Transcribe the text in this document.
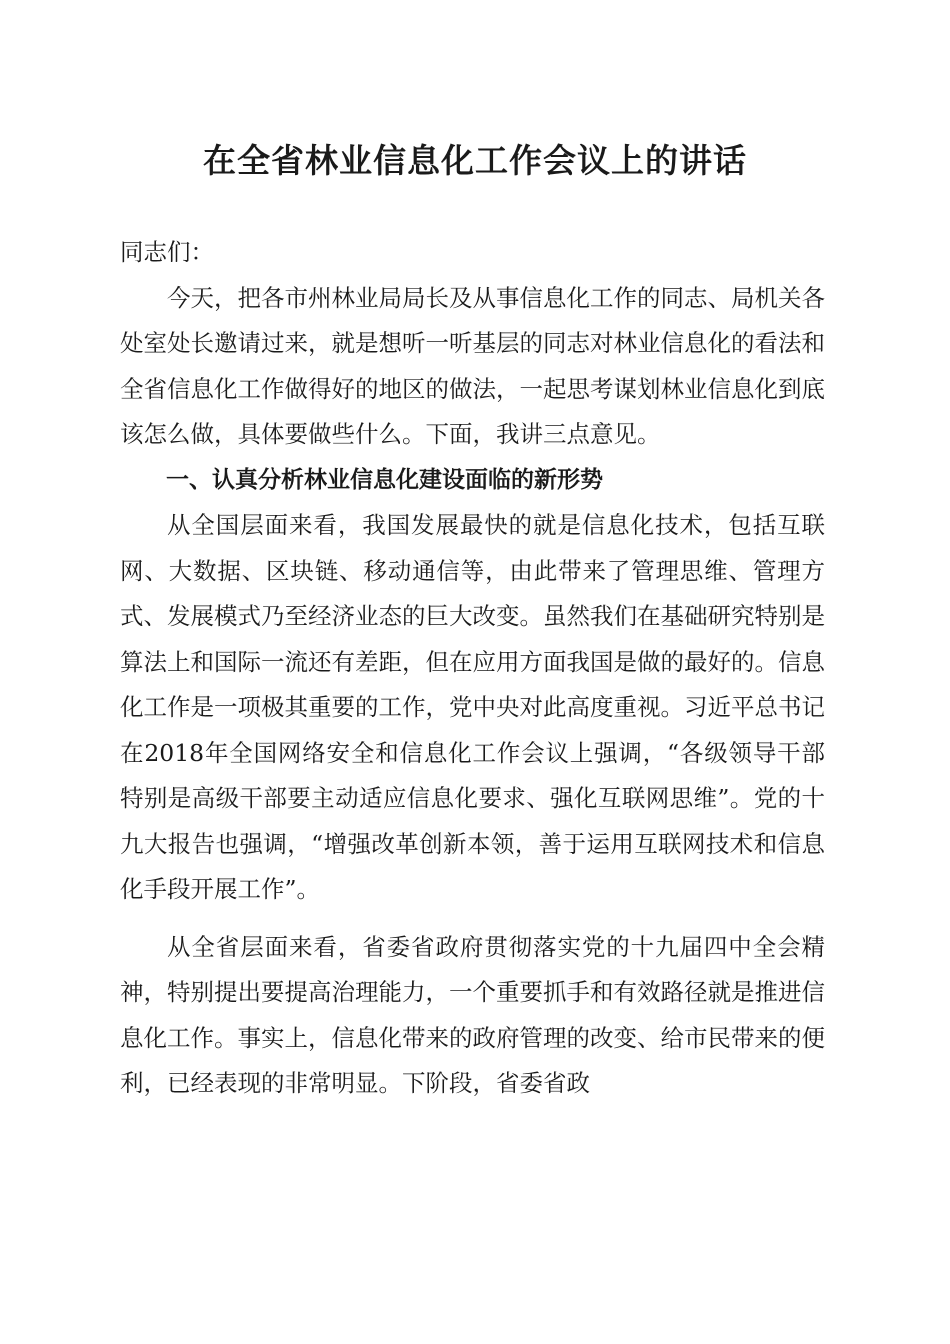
在全省林业信息化工作会议上的讲话

同志们：

今天，把各市州林业局局长及从事信息化工作的同志、局机关各处室处长邀请过来，就是想听一听基层的同志对林业信息化的看法和全省信息化工作做得好的地区的做法，一起思考谋划林业信息化到底该怎么做，具体要做些什么。下面，我讲三点意见。

一、认真分析林业信息化建设面临的新形势

从全国层面来看，我国发展最快的就是信息化技术，包括互联网、大数据、区块链、移动通信等，由此带来了管理思维、管理方式、发展模式乃至经济业态的巨大改变。虽然我们在基础研究特别是算法上和国际一流还有差距，但在应用方面我国是做的最好的。信息化工作是一项极其重要的工作，党中央对此高度重视。习近平总书记在2018年全国网络安全和信息化工作会议上强调，“各级领导干部特别是高级干部要主动适应信息化要求、强化互联网思维”。党的十九大报告也强调，“增强改革创新本领，善于运用互联网技术和信息化手段开展工作”。

从全省层面来看，省委省政府贯彻落实党的十九届四中全会精神，特别提出要提高治理能力，一个重要抓手和有效路径就是推进信息化工作。事实上，信息化带来的政府管理的改变、给市民带来的便利，已经表现的非常明显。下阶段，省委省政
